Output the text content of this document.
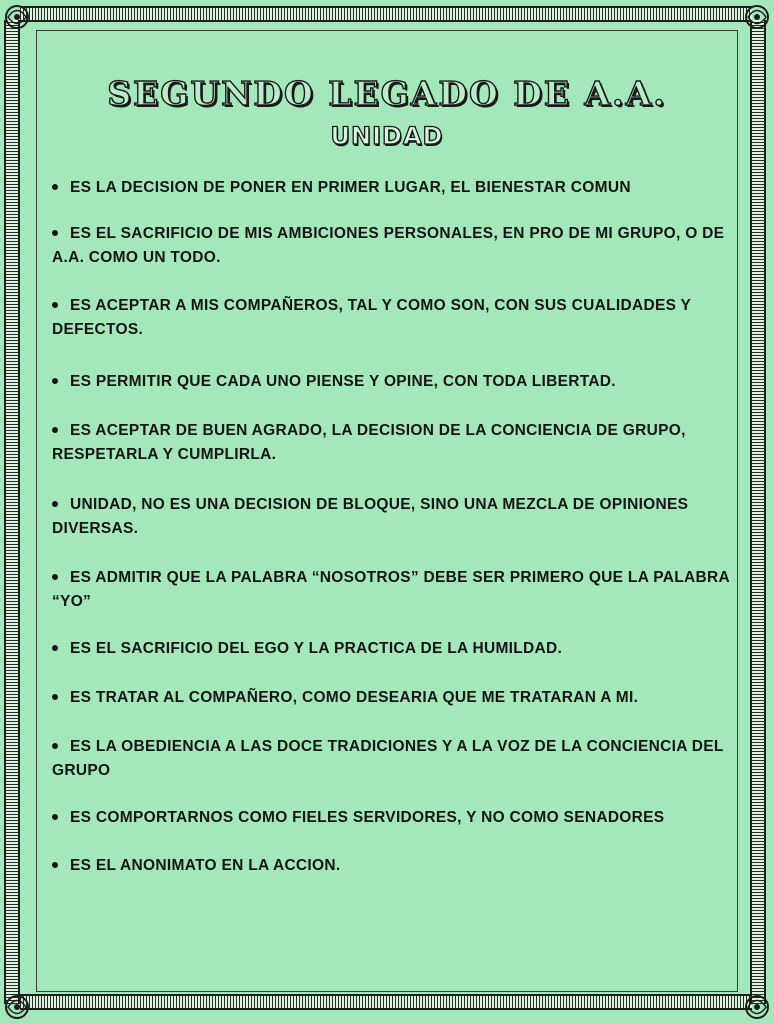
SEGUNDO LEGADO DE A.A.
UNIDAD
ES LA DECISION DE PONER EN PRIMER LUGAR, EL BIENESTAR COMUN
ES EL SACRIFICIO DE MIS AMBICIONES PERSONALES, EN PRO DE MI GRUPO, O DE A.A. COMO UN TODO.
ES ACEPTAR A MIS COMPAÑEROS, TAL Y COMO SON, CON SUS CUALIDADES Y DEFECTOS.
ES PERMITIR QUE CADA UNO PIENSE Y OPINE, CON TODA LIBERTAD.
ES ACEPTAR DE BUEN AGRADO, LA DECISION DE LA CONCIENCIA DE GRUPO, RESPETARLA Y CUMPLIRLA.
UNIDAD, NO ES UNA DECISION DE BLOQUE, SINO UNA MEZCLA DE OPINIONES DIVERSAS.
ES ADMITIR QUE LA PALABRA “NOSOTROS” DEBE SER PRIMERO QUE LA PALABRA “YO”
ES EL SACRIFICIO DEL EGO Y LA PRACTICA DE LA HUMILDAD.
ES TRATAR AL COMPAÑERO, COMO DESEARIA QUE ME TRATARAN A MI.
ES LA OBEDIENCIA A LAS DOCE TRADICIONES Y A LA VOZ DE LA CONCIENCIA DEL GRUPO
ES COMPORTARNOS COMO FIELES SERVIDORES, Y NO COMO SENADORES
ES EL ANONIMATO EN LA ACCION.
